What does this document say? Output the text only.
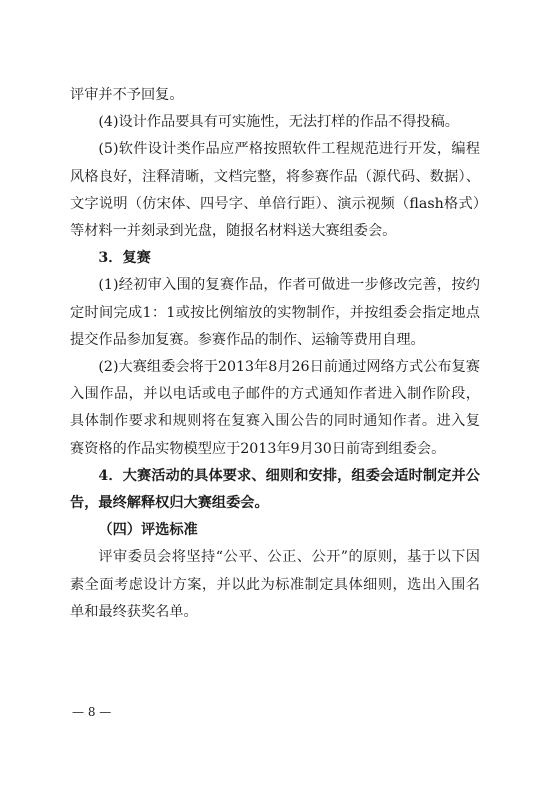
评审并不予回复。

(4)设计作品要具有可实施性，无法打样的作品不得投稿。

(5)软件设计类作品应严格按照软件工程规范进行开发，编程风格良好，注释清晰，文档完整，将参赛作品（源代码、数据）、文字说明（仿宋体、四号字、单倍行距）、演示视频（flash格式）等材料一并刻录到光盘，随报名材料送大赛组委会。

3．复赛

(1)经初审入围的复赛作品，作者可做进一步修改完善，按约定时间完成1：1或按比例缩放的实物制作，并按组委会指定地点提交作品参加复赛。参赛作品的制作、运输等费用自理。

(2)大赛组委会将于2013年8月26日前通过网络方式公布复赛入围作品，并以电话或电子邮件的方式通知作者进入制作阶段，具体制作要求和规则将在复赛入围公告的同时通知作者。进入复赛资格的作品实物模型应于2013年9月30日前寄到组委会。

4．大赛活动的具体要求、细则和安排，组委会适时制定并公告，最终解释权归大赛组委会。

（四）评选标准

评审委员会将坚持“公平、公正、公开”的原则，基于以下因素全面考虑设计方案，并以此为标准制定具体细则，选出入围名单和最终获奖名单。

— 8 —
